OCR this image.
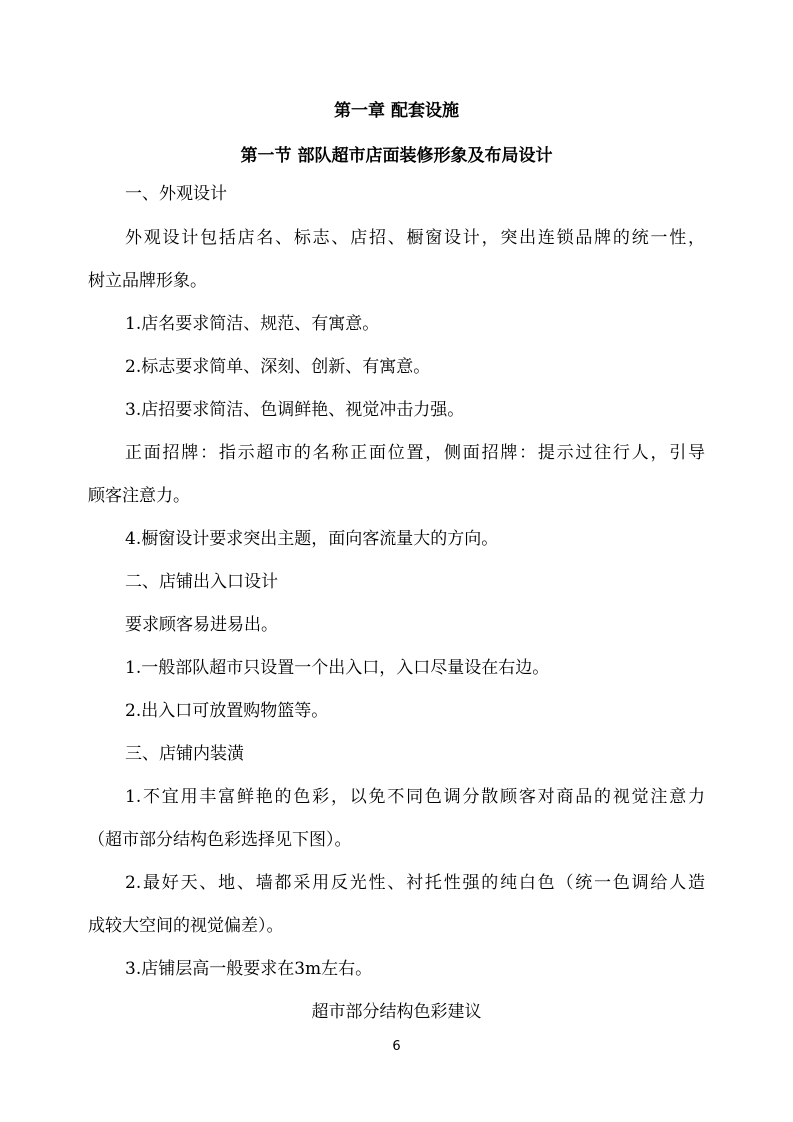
第一章 配套设施
第一节 部队超市店面装修形象及布局设计
一、外观设计
外观设计包括店名、标志、店招、橱窗设计，突出连锁品牌的统一性，
树立品牌形象。
1.店名要求简洁、规范、有寓意。
2.标志要求简单、深刻、创新、有寓意。
3.店招要求简洁、色调鲜艳、视觉冲击力强。
正面招牌：指示超市的名称正面位置，侧面招牌：提示过往行人，引导
顾客注意力。
4.橱窗设计要求突出主题，面向客流量大的方向。
二、店铺出入口设计
要求顾客易进易出。
1.一般部队超市只设置一个出入口，入口尽量设在右边。
2.出入口可放置购物篮等。
三、店铺内装潢
1.不宜用丰富鲜艳的色彩，以免不同色调分散顾客对商品的视觉注意力
（超市部分结构色彩选择见下图）。
2.最好天、地、墙都采用反光性、衬托性强的纯白色（统一色调给人造
成较大空间的视觉偏差）。
3.店铺层高一般要求在3m左右。
超市部分结构色彩建议
6
